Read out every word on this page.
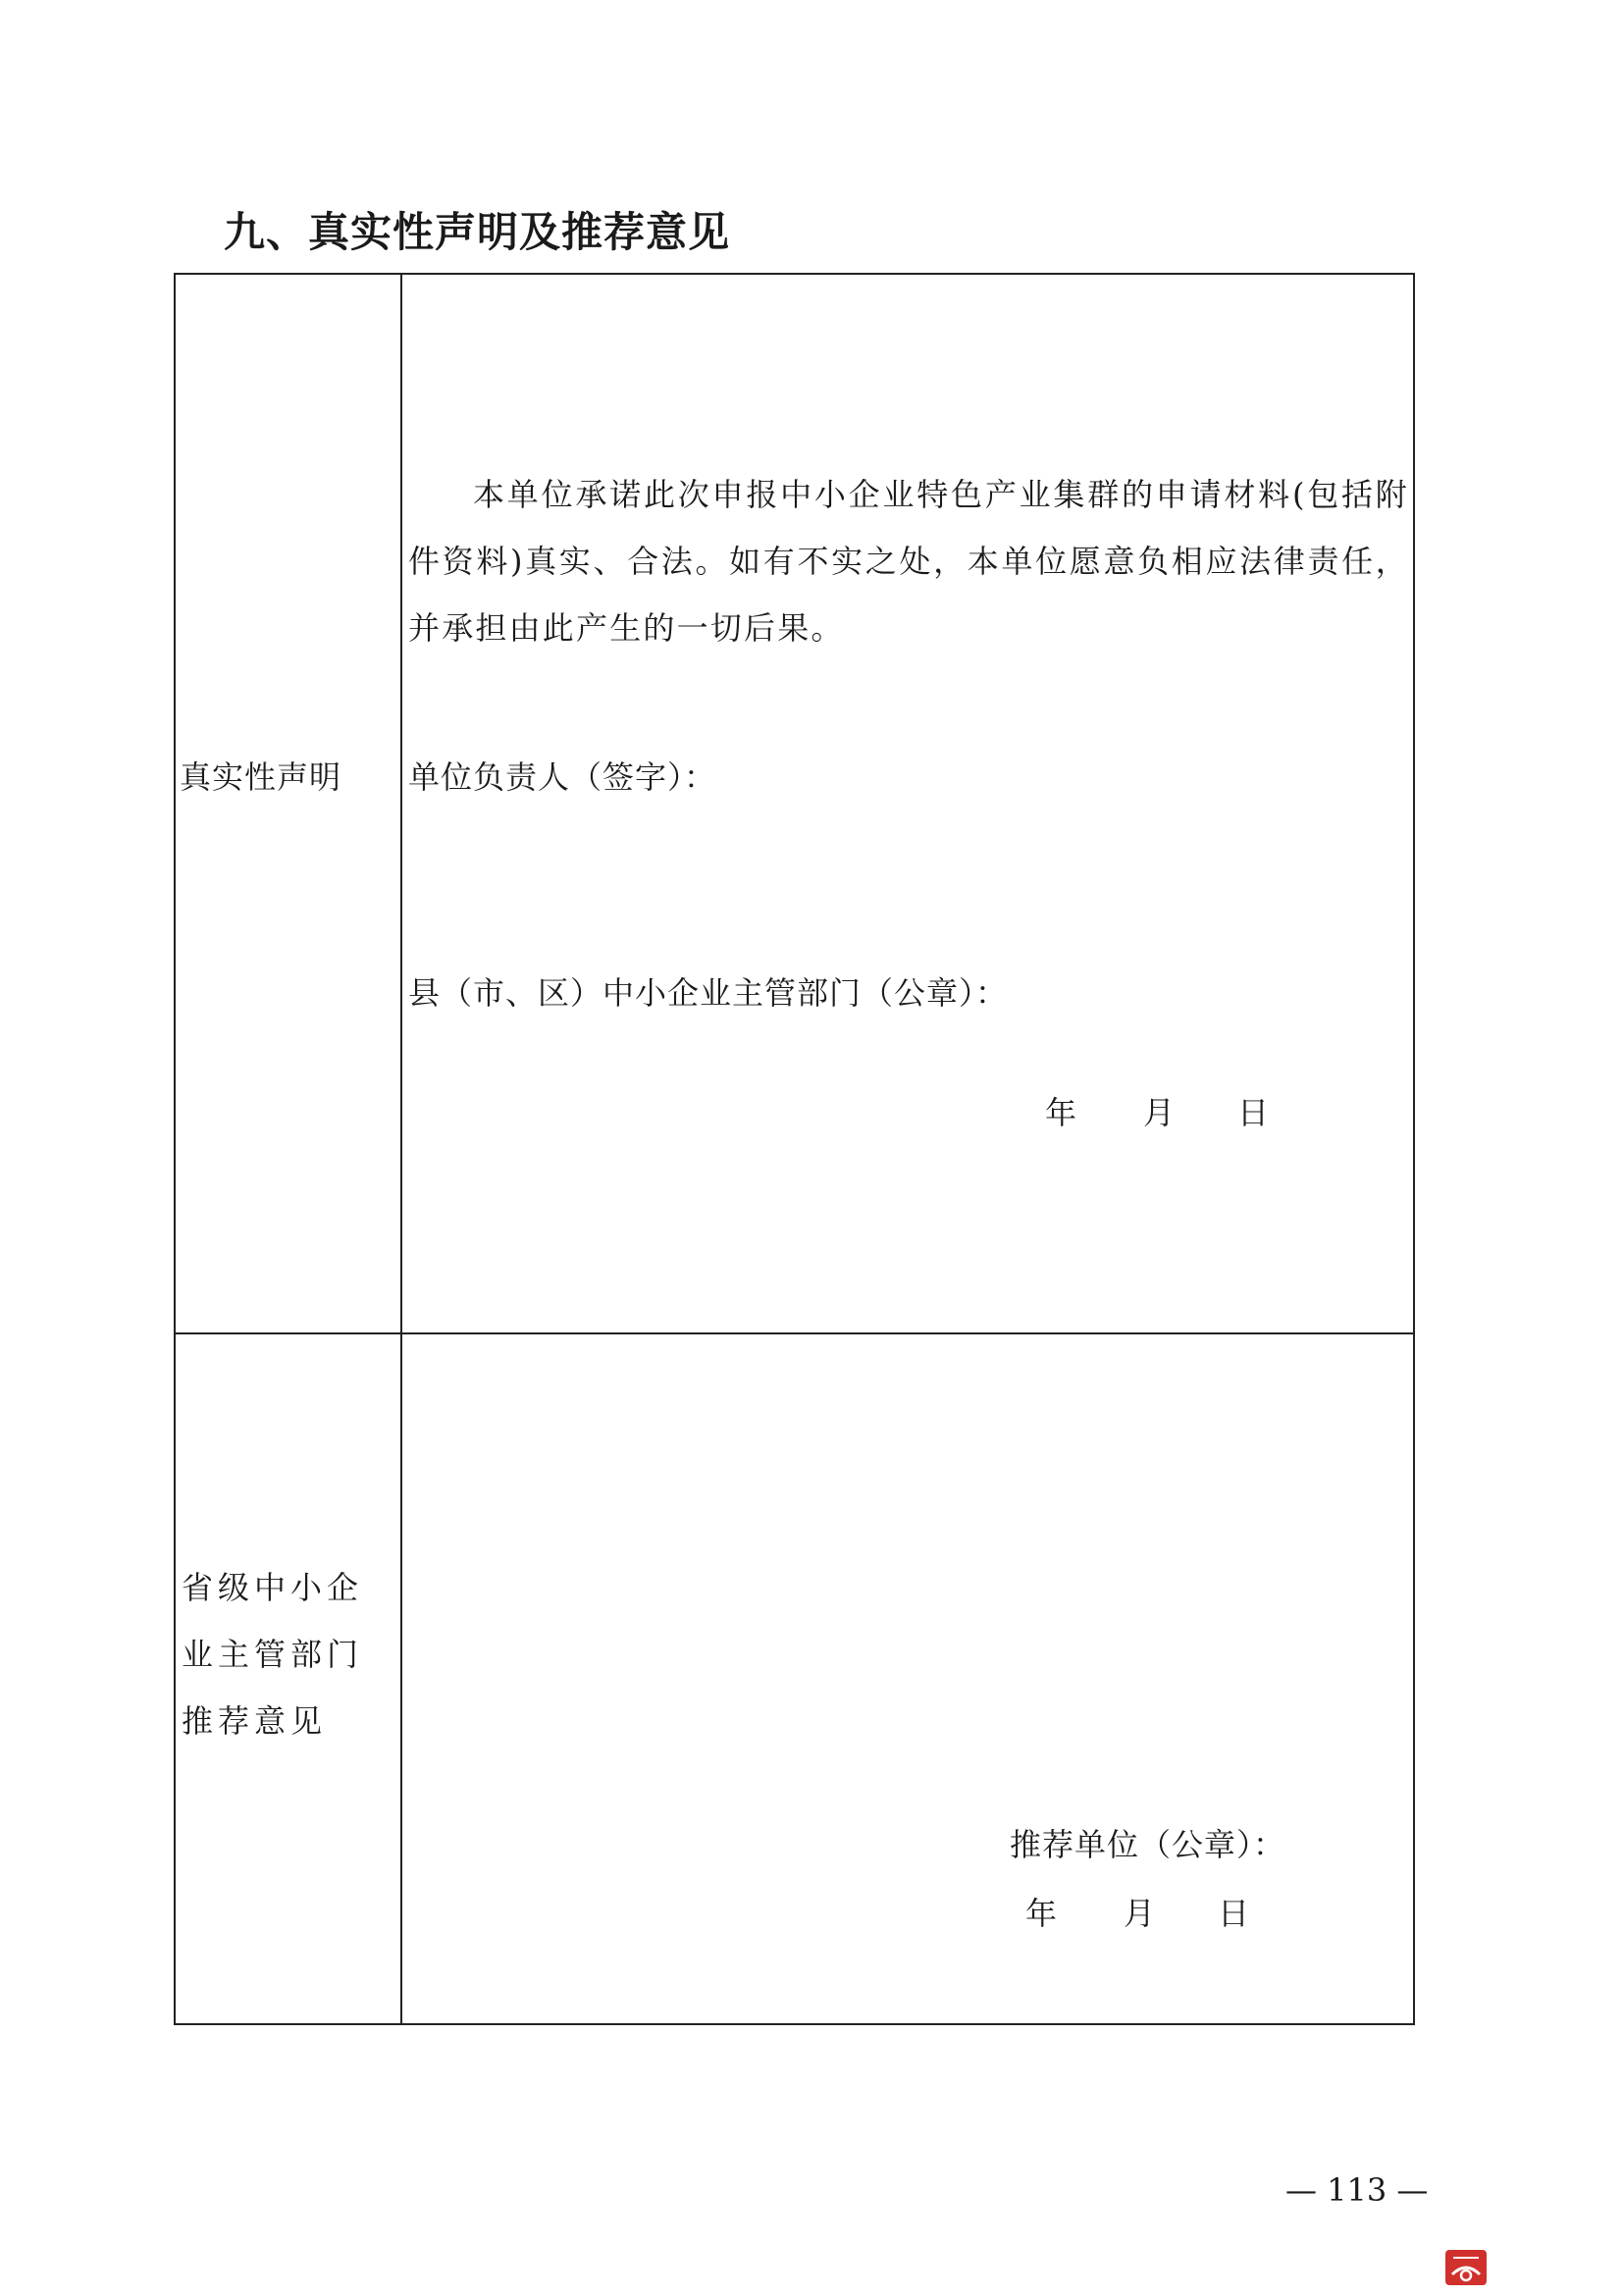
九、真实性声明及推荐意见
真实性声明

本单位承诺此次申报中小企业特色产业集群的申请材料(包括附件资料)真实、合法。如有不实之处，本单位愿意负相应法律责任，并承担由此产生的一切后果。

单位负责人（签字）：
县（市、区）中小企业主管部门（公章）：
年 月 日
省级中小企业主管部门推荐意见
推荐单位（公章）：
年 月 日
— 113 —
